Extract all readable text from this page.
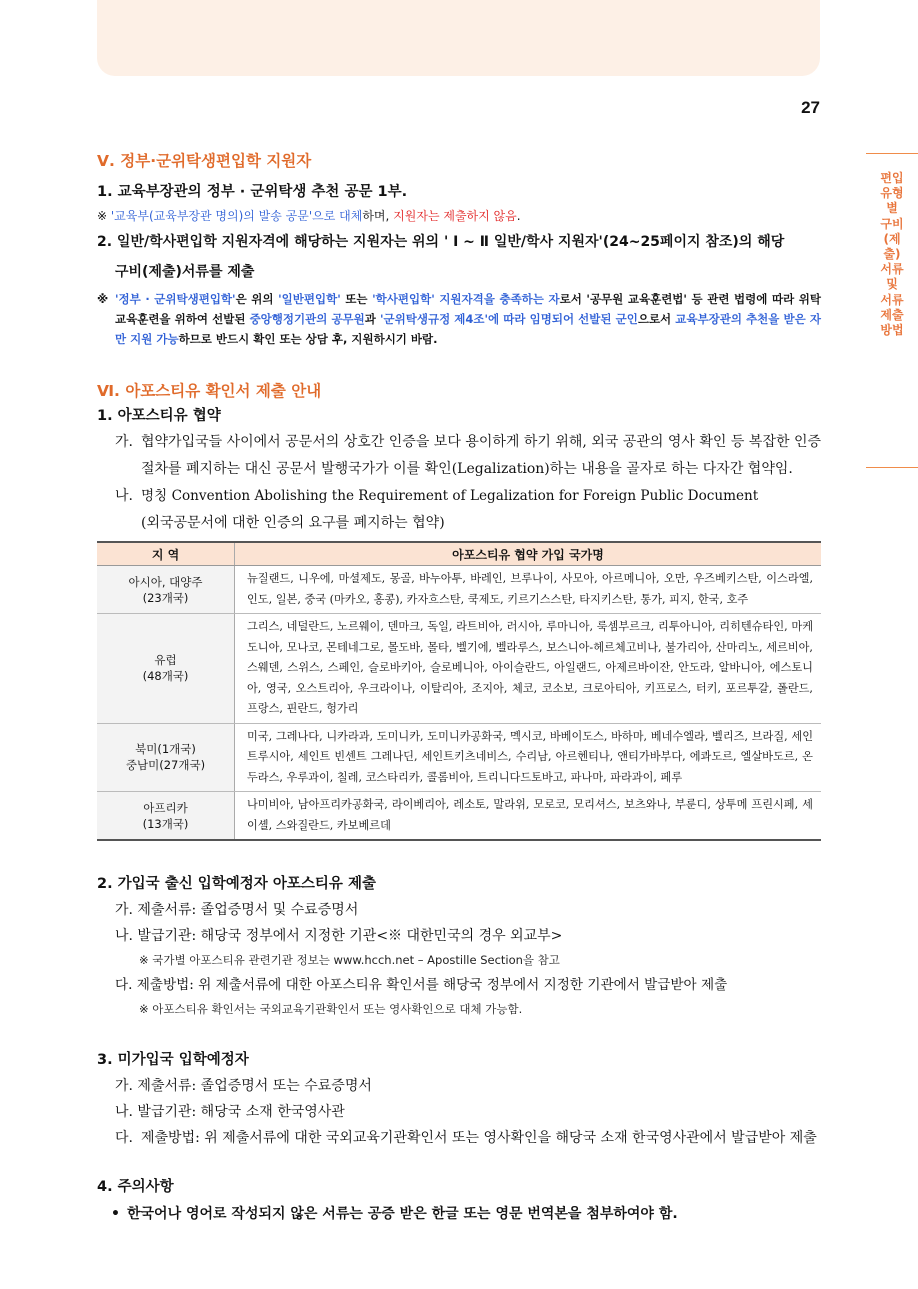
27
편입유형별 구비(제출)서류 및 서류제출방법
Ⅴ. 정부·군위탁생편입학 지원자
1. 교육부장관의 정부 · 군위탁생 추천 공문 1부.
※ '교육부(교육부장관 명의)의 발송 공문'으로 대체하며, 지원자는 제출하지 않음.
2. 일반/학사편입학 지원자격에 해당하는 지원자는 위의 ' Ⅰ ~ Ⅱ 일반/학사 지원자'(24~25페이지 참조)의 해당
구비(제출)서류를 제출
※ '정부 · 군위탁생편입학'은 위의 '일반편입학' 또는 '학사편입학' 지원자격을 충족하는 자로서 '공무원 교육훈련법' 등 관련 법령에 따라 위탁교육훈련을 위하여 선발된 중앙행정기관의 공무원과 '군위탁생규정 제4조'에 따라 임명되어 선발된 군인으로서 교육부장관의 추천을 받은 자만 지원 가능하므로 반드시 확인 또는 상담 후, 지원하시기 바람.
Ⅵ. 아포스티유 확인서 제출 안내
1. 아포스티유 협약
가. 협약가입국들 사이에서 공문서의 상호간 인증을 보다 용이하게 하기 위해, 외국 공관의 영사 확인 등 복잡한 인증절차를 폐지하는 대신 공문서 발행국가가 이를 확인(Legalization)하는 내용을 골자로 하는 다자간 협약임.
나. 명칭 Convention Abolishing the Requirement of Legalization for Foreign Public Document
(외국공문서에 대한 인증의 요구를 폐지하는 협약)
지 역	아포스티유 협약 가입 국가명

아시아, 대양주
(23개국)	뉴질랜드, 니우에, 마셜제도, 몽골, 바누아투, 바레인, 브루나이, 사모아, 아르메니아, 오만, 우즈베키스탄, 이스라엘, 인도, 일본, 중국 (마카오, 홍콩), 카자흐스탄, 쿡제도, 키르기스스탄, 타지키스탄, 통가, 피지, 한국, 호주

유럽
(48개국)	그리스, 네덜란드, 노르웨이, 덴마크, 독일, 라트비아, 러시아, 루마니아, 룩셈부르크, 리투아니아, 리히텐슈타인, 마케도니아, 모나코, 몬테네그로, 몰도바, 몰타, 벨기에, 벨라루스, 보스니아-헤르체고비나, 불가리아, 산마리노, 세르비아, 스웨덴, 스위스, 스페인, 슬로바키아, 슬로베니아, 아이슬란드, 아일랜드, 아제르바이잔, 안도라, 알바니아, 에스토니아, 영국, 오스트리아, 우크라이나, 이탈리아, 조지아, 체코, 코소보, 크로아티아, 키프로스, 터키, 포르투갈, 폴란드, 프랑스, 핀란드, 헝가리

북미(1개국)
중남미(27개국)	미국, 그레나다, 니카라과, 도미니카, 도미니카공화국, 멕시코, 바베이도스, 바하마, 베네수엘라, 벨리즈, 브라질, 세인트루시아, 세인트 빈센트 그레나딘, 세인트키츠네비스, 수리남, 아르헨티나, 앤티가바부다, 에콰도르, 엘살바도르, 온두라스, 우루과이, 칠레, 코스타리카, 콜롬비아, 트리니다드토바고, 파나마, 파라과이, 페루

아프리카
(13개국)	나미비아, 남아프리카공화국, 라이베리아, 레소토, 말라위, 모로코, 모리셔스, 보츠와나, 부룬디, 상투메 프린시페, 세이셸, 스와질란드, 카보베르데
2. 가입국 출신 입학예정자 아포스티유 제출
가. 제출서류: 졸업증명서 및 수료증명서
나. 발급기관: 해당국 정부에서 지정한 기관<※ 대한민국의 경우 외교부>
※ 국가별 아포스티유 관련기관 정보는 www.hcch.net – Apostille Section을 참고
다. 제출방법: 위 제출서류에 대한 아포스티유 확인서를 해당국 정부에서 지정한 기관에서 발급받아 제출
※ 아포스티유 확인서는 국외교육기관확인서 또는 영사확인으로 대체 가능함.
3. 미가입국 입학예정자
가. 제출서류: 졸업증명서 또는 수료증명서
나. 발급기관: 해당국 소재 한국영사관
다. 제출방법: 위 제출서류에 대한 국외교육기관확인서 또는 영사확인을 해당국 소재 한국영사관에서 발급받아 제출
4. 주의사항
• 한국어나 영어로 작성되지 않은 서류는 공증 받은 한글 또는 영문 번역본을 첨부하여야 함.
